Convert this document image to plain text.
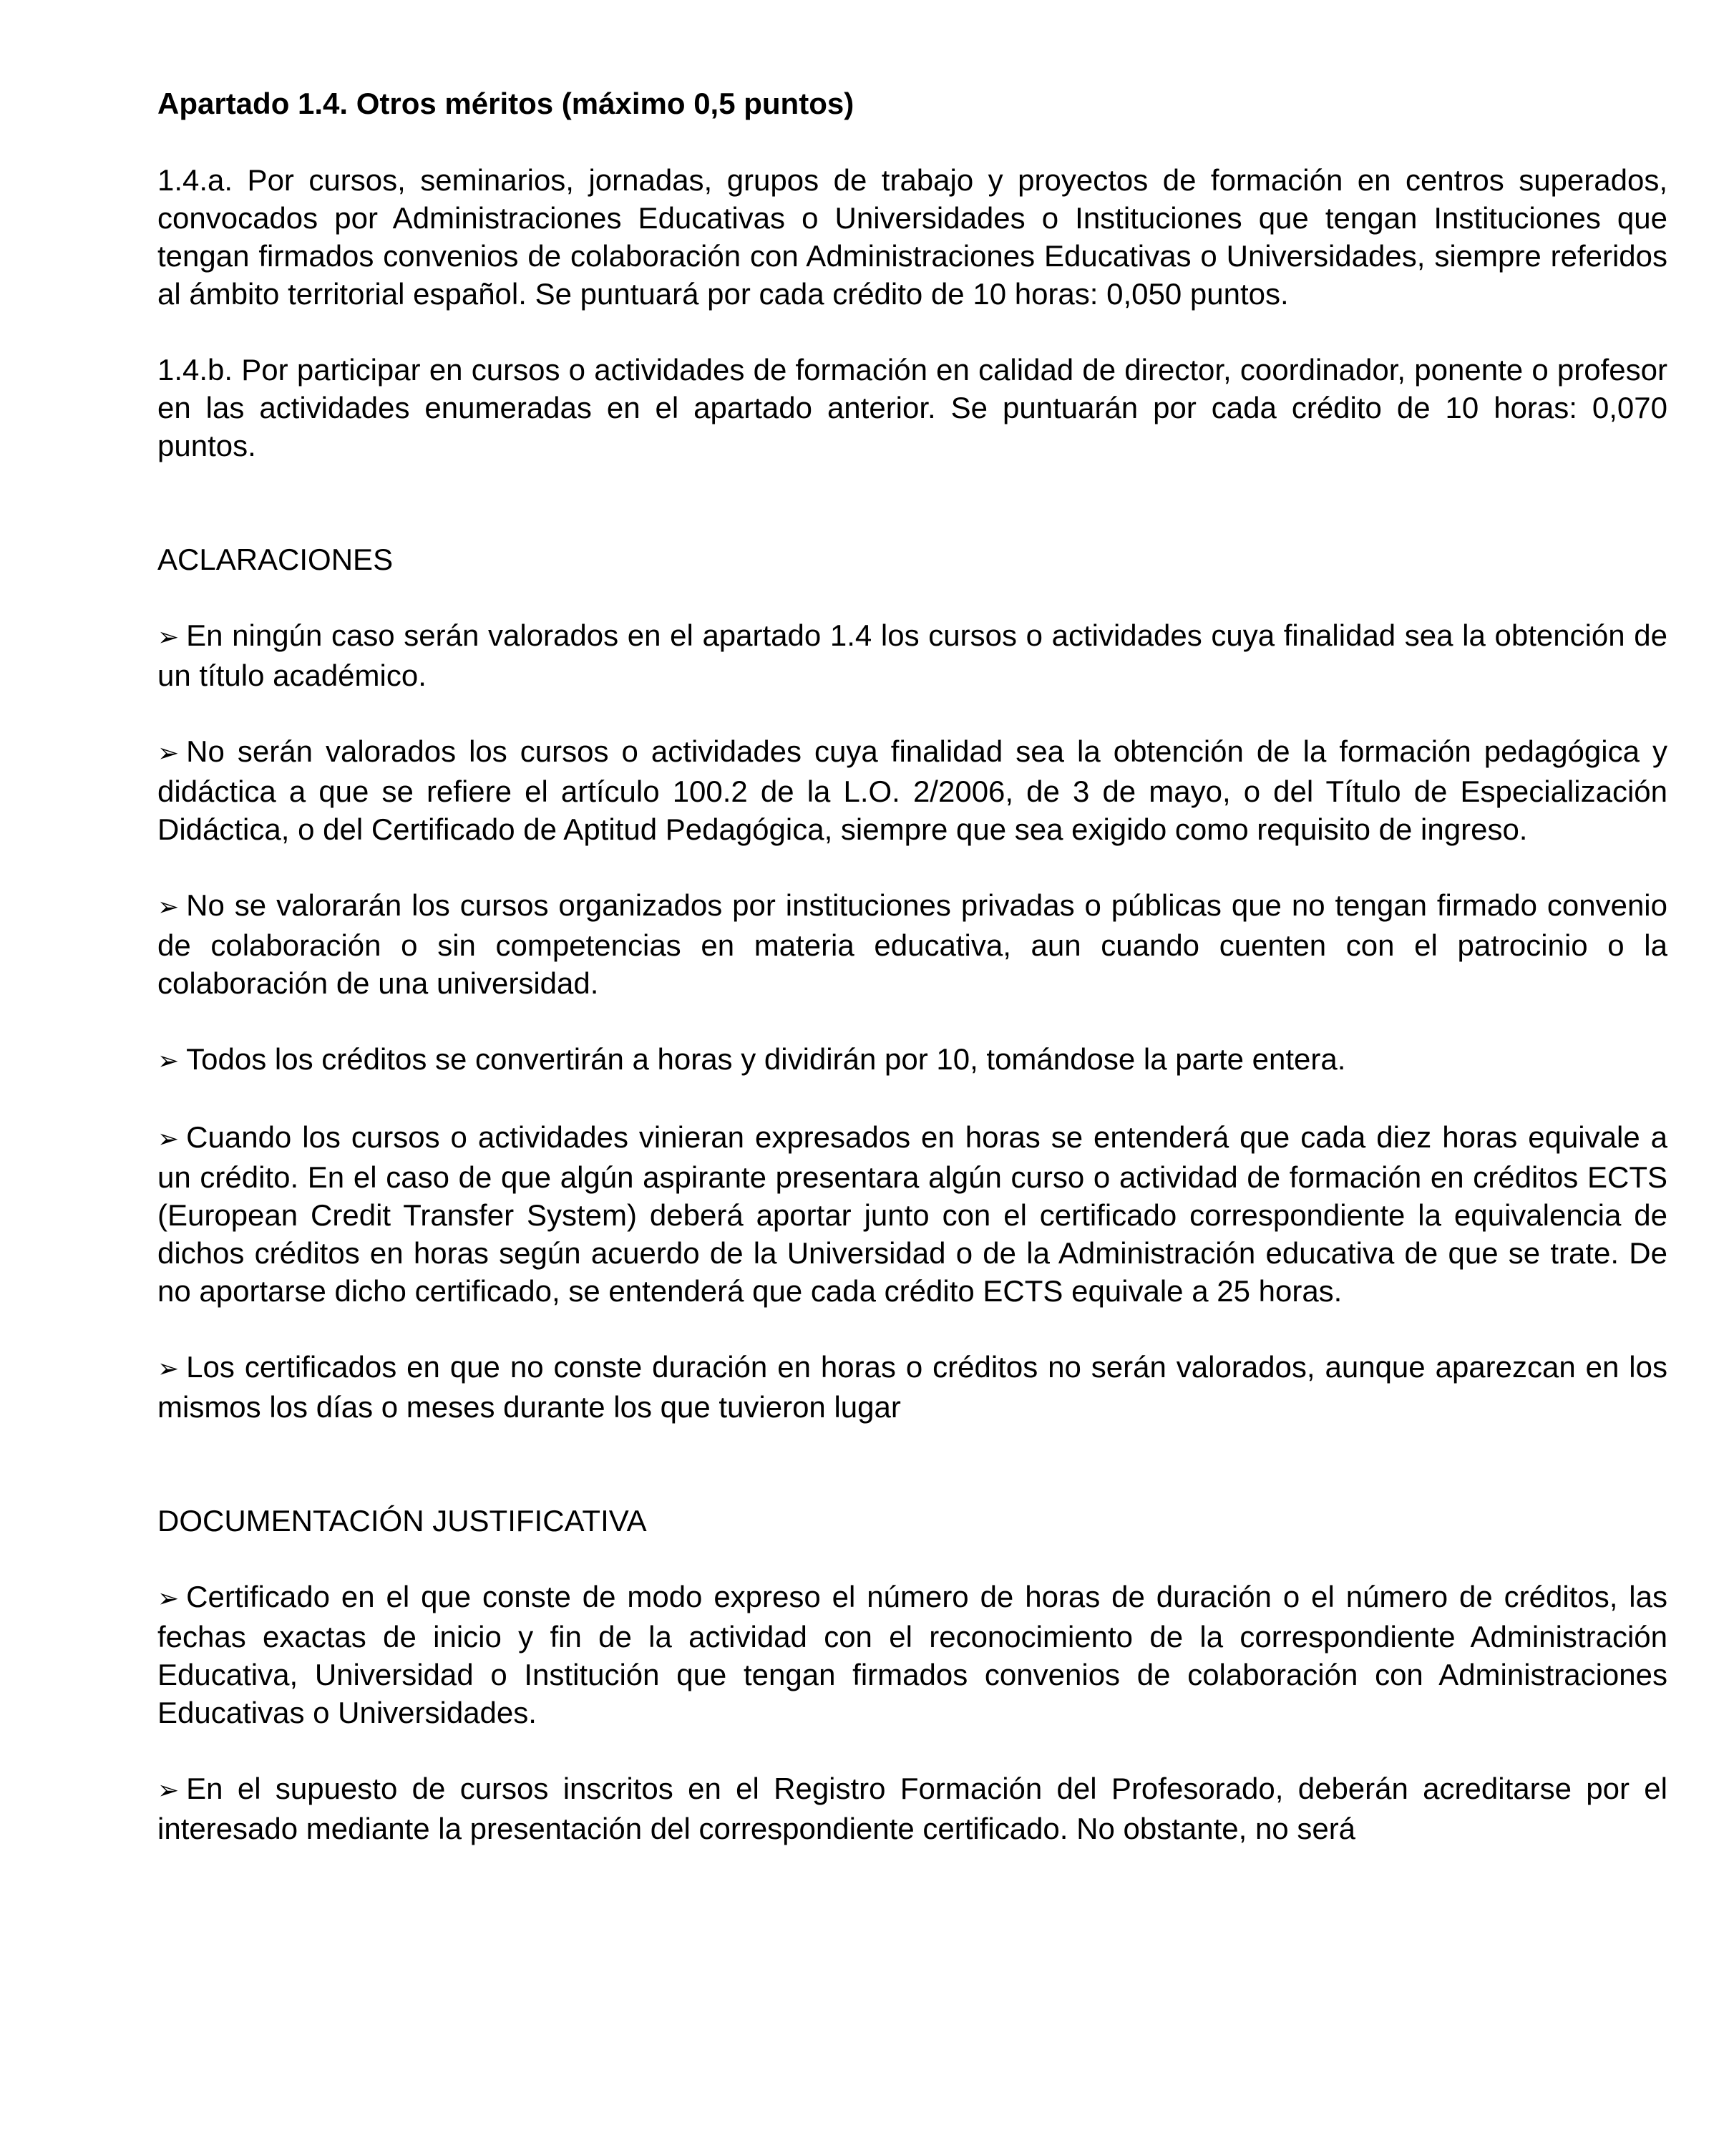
Apartado 1.4. Otros méritos (máximo 0,5 puntos)

1.4.a. Por cursos, seminarios, jornadas, grupos de trabajo y proyectos de formación en centros superados, convocados por Administraciones Educativas o Universidades o Instituciones que tengan Instituciones que tengan firmados convenios de colaboración con Administraciones Educativas o Universidades, siempre referidos al ámbito territorial español. Se puntuará por cada crédito de 10 horas: 0,050 puntos.

1.4.b. Por participar en cursos o actividades de formación en calidad de director, coordinador, ponente o profesor en las actividades enumeradas en el apartado anterior. Se puntuarán por cada crédito de 10 horas: 0,070 puntos.

ACLARACIONES

➢ En ningún caso serán valorados en el apartado 1.4 los cursos o actividades cuya finalidad sea la obtención de un título académico.

➢ No serán valorados los cursos o actividades cuya finalidad sea la obtención de la formación pedagógica y didáctica a que se refiere el artículo 100.2 de la L.O. 2/2006, de 3 de mayo, o del Título de Especialización Didáctica, o del Certificado de Aptitud Pedagógica, siempre que sea exigido como requisito de ingreso.

➢ No se valorarán los cursos organizados por instituciones privadas o públicas que no tengan firmado convenio de colaboración o sin competencias en materia educativa, aun cuando cuenten con el patrocinio o la colaboración de una universidad.

➢ Todos los créditos se convertirán a horas y dividirán por 10, tomándose la parte entera.

➢ Cuando los cursos o actividades vinieran expresados en horas se entenderá que cada diez horas equivale a un crédito. En el caso de que algún aspirante presentara algún curso o actividad de formación en créditos ECTS (European Credit Transfer System) deberá aportar junto con el certificado correspondiente la equivalencia de dichos créditos en horas según acuerdo de la Universidad o de la Administración educativa de que se trate. De no aportarse dicho certificado, se entenderá que cada crédito ECTS equivale a 25 horas.

➢ Los certificados en que no conste duración en horas o créditos no serán valorados, aunque aparezcan en los mismos los días o meses durante los que tuvieron lugar

DOCUMENTACIÓN JUSTIFICATIVA

➢ Certificado en el que conste de modo expreso el número de horas de duración o el número de créditos, las fechas exactas de inicio y fin de la actividad con el reconocimiento de la correspondiente Administración Educativa, Universidad o Institución que tengan firmados convenios de colaboración con Administraciones Educativas o Universidades.

➢ En el supuesto de cursos inscritos en el Registro Formación del Profesorado, deberán acreditarse por el interesado mediante la presentación del correspondiente certificado. No obstante, no será
